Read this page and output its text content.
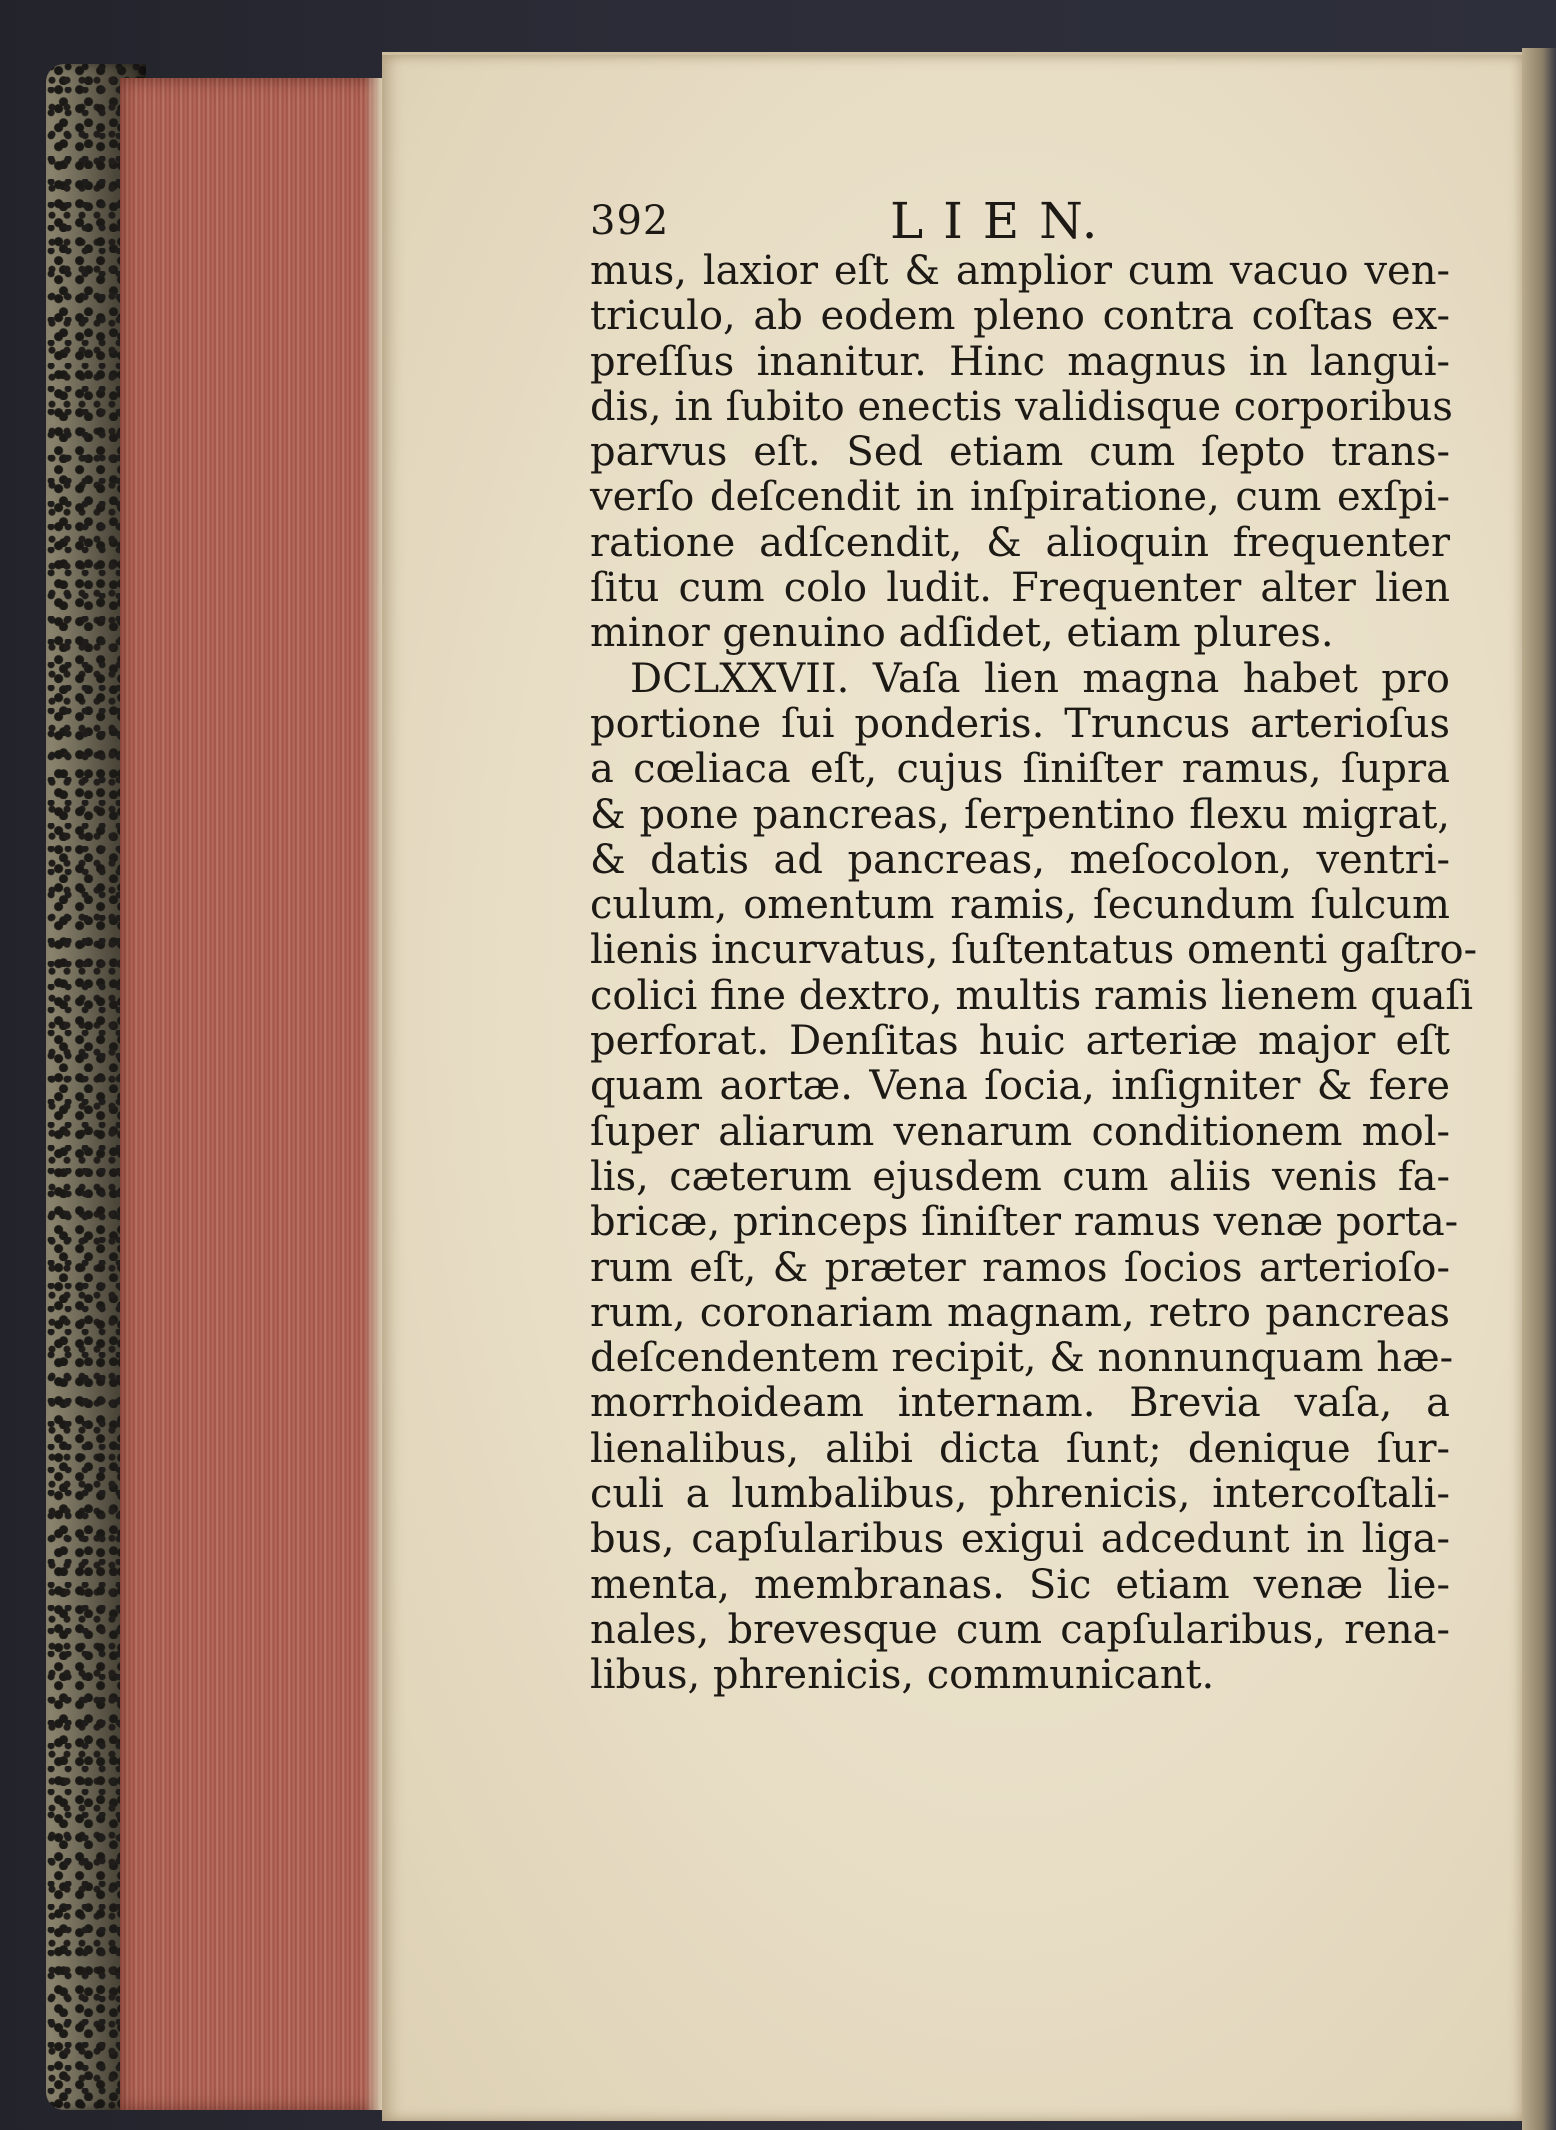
392	L I E N.
mus, laxior eſt & amplior cum vacuo ven-
triculo, ab eodem pleno contra coſtas ex-
preſſus inanitur. Hinc magnus in langui-
dis, in ſubito enectis validisque corporibus
parvus eſt. Sed etiam cum ſepto trans-
verſo deſcendit in inſpiratione, cum exſpi-
ratione adſcendit, & alioquin frequenter
ſitu cum colo ludit. Frequenter alter lien
minor genuino adſidet, etiam plures.
DCLXXVII. Vaſa lien magna habet pro
portione ſui ponderis. Truncus arterioſus
a cœliaca eſt, cujus ſiniſter ramus, ſupra
& pone pancreas, ſerpentino flexu migrat,
& datis ad pancreas, meſocolon, ventri-
culum, omentum ramis, ſecundum ſulcum
lienis incurvatus, ſuſtentatus omenti gaſtro-
colici fine dextro, multis ramis lienem quaſi
perforat. Denſitas huic arteriæ major eſt
quam aortæ. Vena ſocia, inſigniter & fere
ſuper aliarum venarum conditionem mol-
lis, cæterum ejusdem cum aliis venis fa-
bricæ, princeps ſiniſter ramus venæ porta-
rum eſt, & præter ramos ſocios arterioſo-
rum, coronariam magnam, retro pancreas
deſcendentem recipit, & nonnunquam hæ-
morrhoideam internam. Brevia vaſa, a
lienalibus, alibi dicta ſunt; denique ſur-
culi a lumbalibus, phrenicis, intercoſtali-
bus, capſularibus exigui adcedunt in liga-
menta, membranas. Sic etiam venæ lie-
nales, brevesque cum capſularibus, rena-
libus, phrenicis, communicant.
